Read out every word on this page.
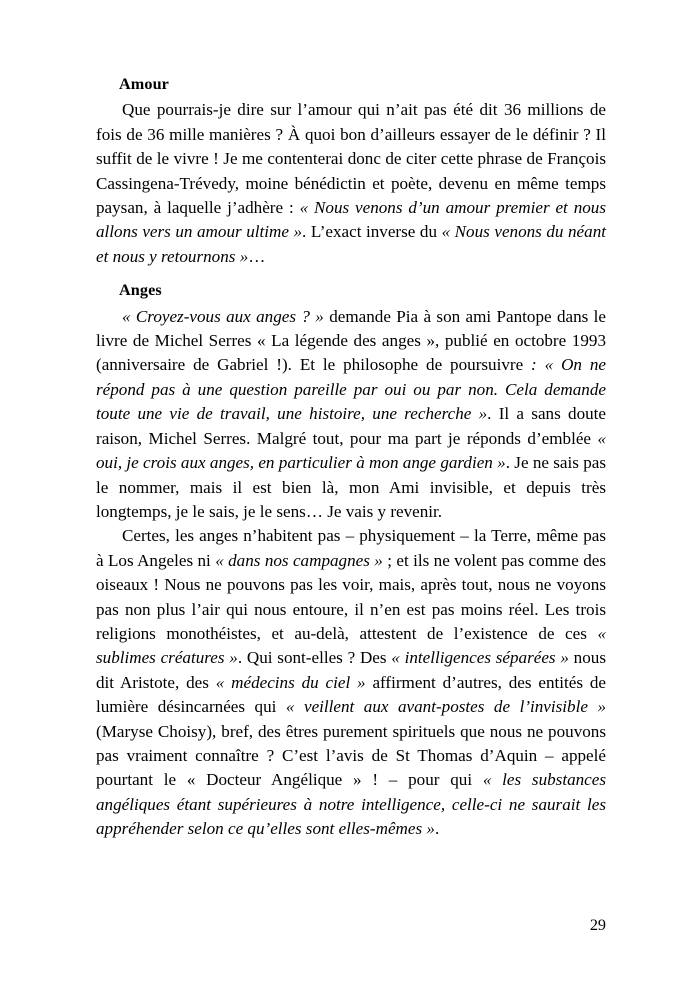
Amour

Que pourrais-je dire sur l’amour qui n’ait pas été dit 36 millions de fois de 36 mille manières ? À quoi bon d’ailleurs essayer de le définir ? Il suffit de le vivre ! Je me contenterai donc de citer cette phrase de François Cassingena-Trévedy, moine bénédictin et poète, devenu en même temps paysan, à laquelle j’adhère : « Nous venons d’un amour premier et nous allons vers un amour ultime ». L’exact inverse du « Nous venons du néant et nous y retournons »…

Anges

« Croyez-vous aux anges ? » demande Pia à son ami Pantope dans le livre de Michel Serres « La légende des anges », publié en octobre 1993 (anniversaire de Gabriel !). Et le philosophe de poursuivre : « On ne répond pas à une question pareille par oui ou par non. Cela demande toute une vie de travail, une histoire, une recherche ». Il a sans doute raison, Michel Serres. Malgré tout, pour ma part je réponds d’emblée « oui, je crois aux anges, en particulier à mon ange gardien ». Je ne sais pas le nommer, mais il est bien là, mon Ami invisible, et depuis très longtemps, je le sais, je le sens… Je vais y revenir.

Certes, les anges n’habitent pas – physiquement – la Terre, même pas à Los Angeles ni « dans nos campagnes » ; et ils ne volent pas comme des oiseaux ! Nous ne pouvons pas les voir, mais, après tout, nous ne voyons pas non plus l’air qui nous entoure, il n’en est pas moins réel. Les trois religions monothéistes, et au-delà, attestent de l’existence de ces « sublimes créatures ». Qui sont-elles ? Des « intelligences séparées » nous dit Aristote, des « médecins du ciel » affirment d’autres, des entités de lumière désincarnées qui « veillent aux avant-postes de l’invisible » (Maryse Choisy), bref, des êtres purement spirituels que nous ne pouvons pas vraiment connaître ? C’est l’avis de St Thomas d’Aquin – appelé pourtant le « Docteur Angélique » ! – pour qui « les substances angéliques étant supérieures à notre intelligence, celle-ci ne saurait les appréhender selon ce qu’elles sont elles-mêmes ».

29
